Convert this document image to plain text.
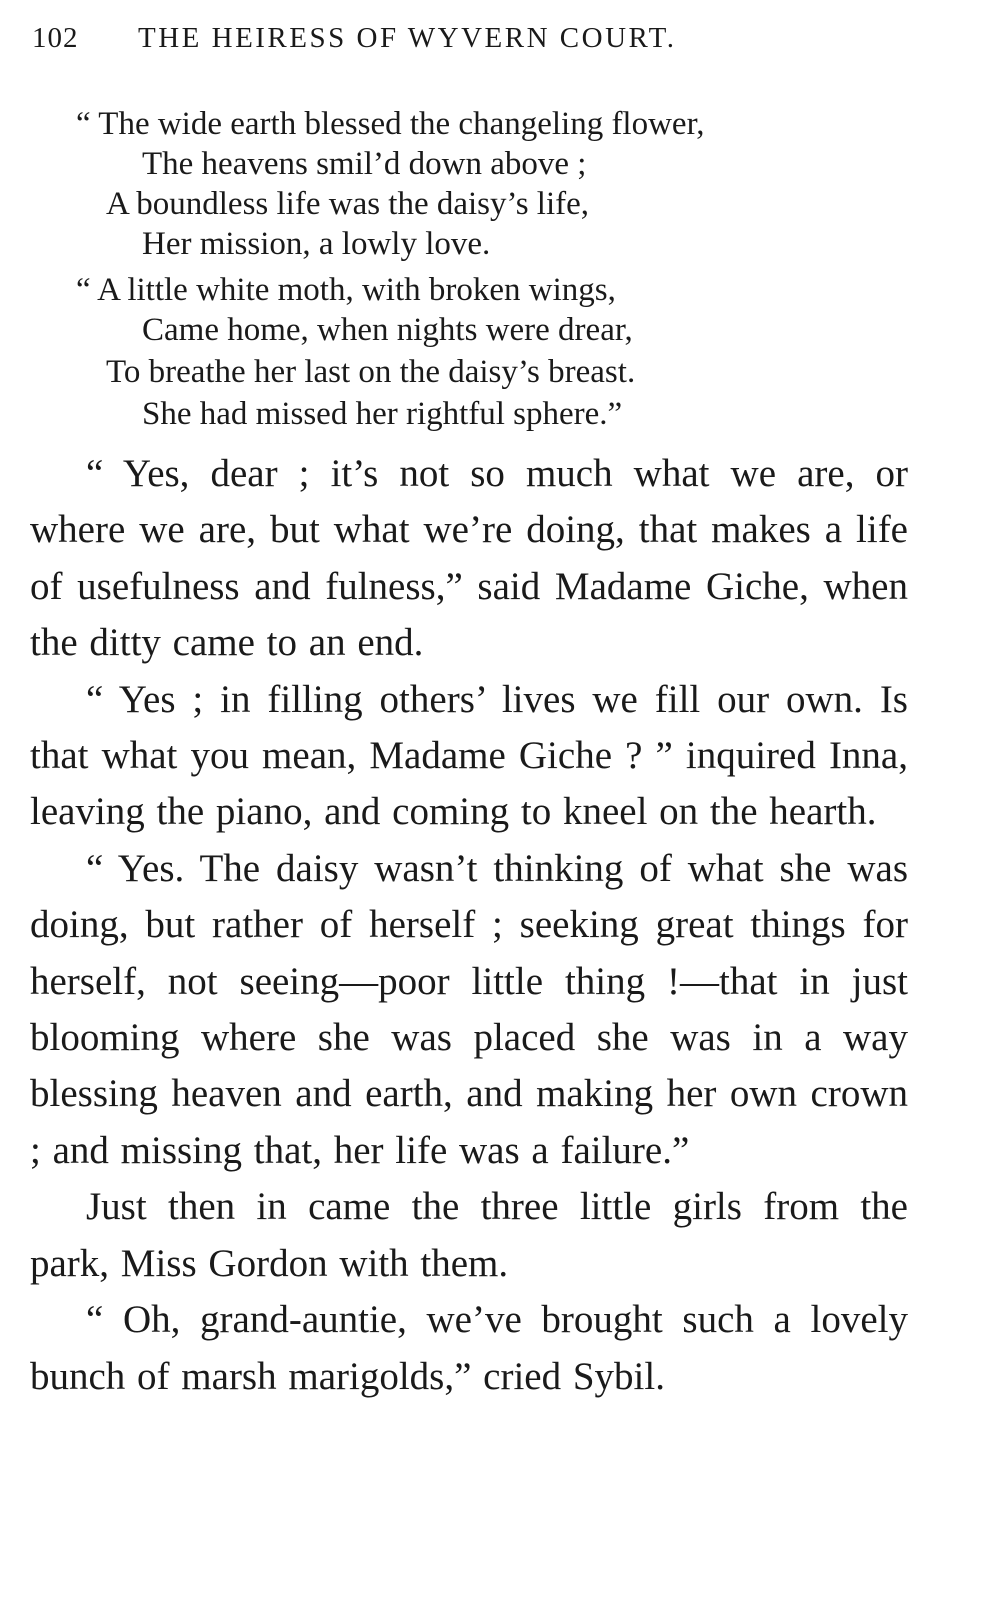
102 THE HEIRESS OF WYVERN COURT.
“ The wide earth blessed the changeling flower,
The heavens smil’d down above ;
A boundless life was the daisy’s life,
Her mission, a lowly love.
“ A little white moth, with broken wings,
Came home, when nights were drear,
To breathe her last on the daisy’s breast.
She had missed her rightful sphere.”

“ Yes, dear ; it’s not so much what we are, or where we are, but what we’re doing, that makes a life of usefulness and fulness,” said Madame Giche, when the ditty came to an end.

“ Yes ; in filling others’ lives we fill our own. Is that what you mean, Madame Giche ? ” inquired Inna, leaving the piano, and coming to kneel on the hearth.

“ Yes. The daisy wasn’t thinking of what she was doing, but rather of herself ; seeking great things for herself, not seeing—poor little thing !—that in just blooming where she was placed she was in a way blessing heaven and earth, and making her own crown ; and missing that, her life was a failure.”

Just then in came the three little girls from the park, Miss Gordon with them.

“ Oh, grand-auntie, we’ve brought such a lovely bunch of marsh marigolds,” cried Sybil.
